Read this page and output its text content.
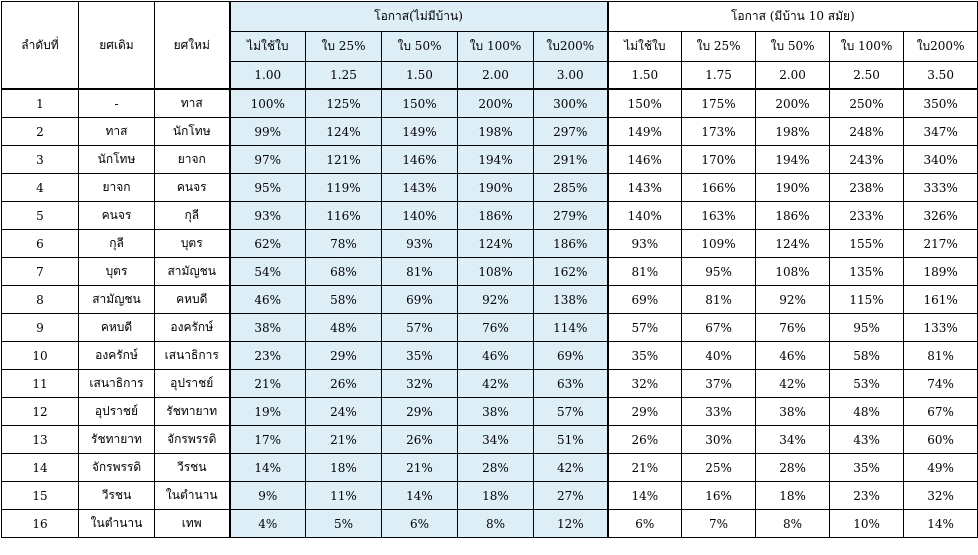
ลำดับที่	ยศเดิม	ยศใหม่	โอกาส(ไม่มีบ้าน)					โอกาส (มีบ้าน 10 สมัย)				
			ไม่ใช้ใบ	ใบ 25%	ใบ 50%	ใบ 100%	ใบ200%	ไม่ใช้ใบ	ใบ 25%	ใบ 50%	ใบ 100%	ใบ200%
			1.00	1.25	1.50	2.00	3.00	1.50	1.75	2.00	2.50	3.50
1	-	ทาส	100%	125%	150%	200%	300%	150%	175%	200%	250%	350%
2	ทาส	นักโทษ	99%	124%	149%	198%	297%	149%	173%	198%	248%	347%
3	นักโทษ	ยาจก	97%	121%	146%	194%	291%	146%	170%	194%	243%	340%
4	ยาจก	คนจร	95%	119%	143%	190%	285%	143%	166%	190%	238%	333%
5	คนจร	กุลี	93%	116%	140%	186%	279%	140%	163%	186%	233%	326%
6	กุลี	บุตร	62%	78%	93%	124%	186%	93%	109%	124%	155%	217%
7	บุตร	สามัญชน	54%	68%	81%	108%	162%	81%	95%	108%	135%	189%
8	สามัญชน	คหบดี	46%	58%	69%	92%	138%	69%	81%	92%	115%	161%
9	คหบดี	องครักษ์	38%	48%	57%	76%	114%	57%	67%	76%	95%	133%
10	องครักษ์	เสนาธิการ	23%	29%	35%	46%	69%	35%	40%	46%	58%	81%
11	เสนาธิการ	อุปราชย์	21%	26%	32%	42%	63%	32%	37%	42%	53%	74%
12	อุปราชย์	รัชทายาท	19%	24%	29%	38%	57%	29%	33%	38%	48%	67%
13	รัชทายาท	จักรพรรดิ	17%	21%	26%	34%	51%	26%	30%	34%	43%	60%
14	จักรพรรดิ	วีรชน	14%	18%	21%	28%	42%	21%	25%	28%	35%	49%
15	วีรชน	ในตำนาน	9%	11%	14%	18%	27%	14%	16%	18%	23%	32%
16	ในตำนาน	เทพ	4%	5%	6%	8%	12%	6%	7%	8%	10%	14%
